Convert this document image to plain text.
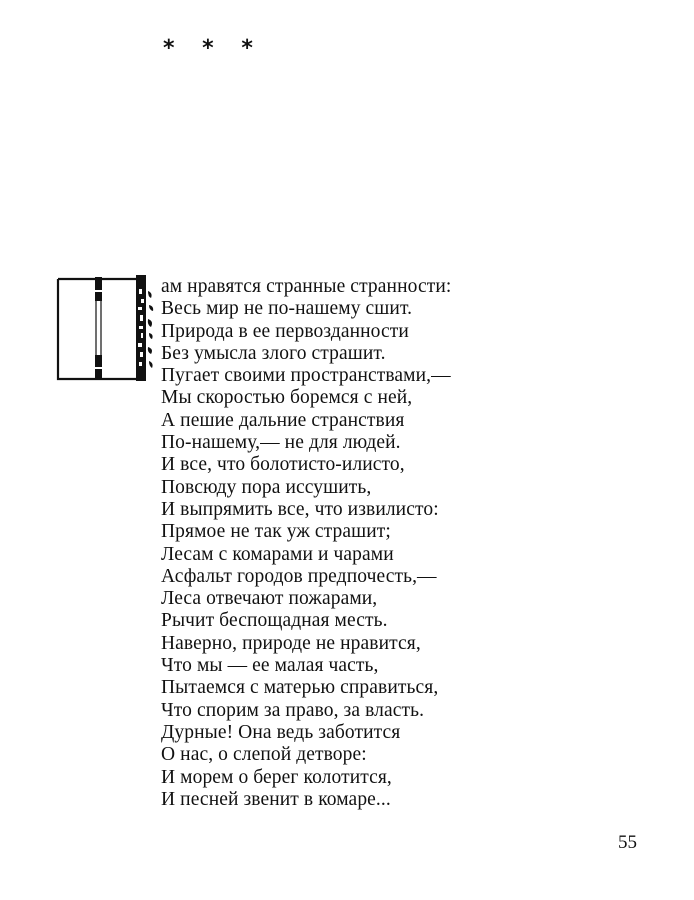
* * *
ам нравятся странные странности:
Весь мир не по-нашему сшит.
Природа в ее первозданности
Без умысла злого страшит.
Пугает своими пространствами,—
Мы скоростью боремся с ней,
А пешие дальние странствия
По-нашему,— не для людей.
И все, что болотисто-илисто,
Повсюду пора иссушить,
И выпрямить все, что извилисто:
Прямое не так уж страшит;
Лесам с комарами и чарами
Асфальт городов предпочесть,—
Леса отвечают пожарами,
Рычит беспощадная месть.
Наверно, природе не нравится,
Что мы — ее малая часть,
Пытаемся с матерью справиться,
Что спорим за право, за власть.
Дурные! Она ведь заботится
О нас, о слепой детворе:
И морем о берег колотится,
И песней звенит в комаре...
55
